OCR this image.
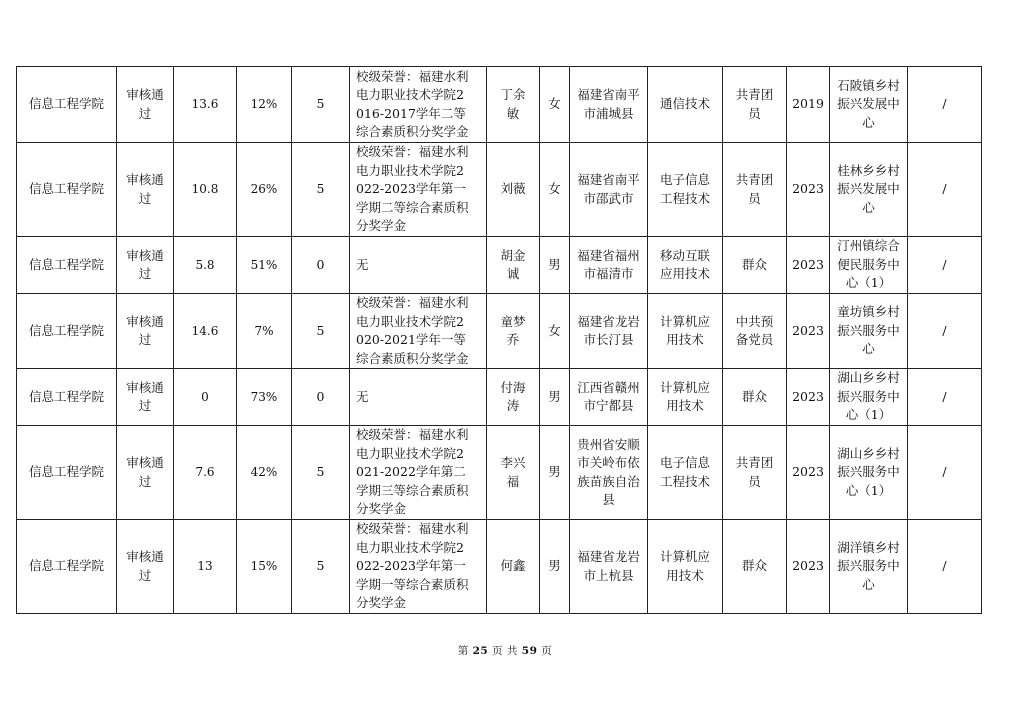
信息工程学院	审核通过	13.6	12%	5	校级荣誉：福建水利电力职业技术学院2016-2017学年二等综合素质积分奖学金	丁余敏	女	福建省南平市浦城县	通信技术	共青团员	2019	石陂镇乡村振兴发展中心	/
信息工程学院	审核通过	10.8	26%	5	校级荣誉：福建水利电力职业技术学院2022-2023学年第一学期二等综合素质积分奖学金	刘薇	女	福建省南平市邵武市	电子信息工程技术	共青团员	2023	桂林乡乡村振兴发展中心	/
信息工程学院	审核通过	5.8	51%	0	无	胡金诚	男	福建省福州市福清市	移动互联应用技术	群众	2023	汀州镇综合便民服务中心（1）	/
信息工程学院	审核通过	14.6	7%	5	校级荣誉：福建水利电力职业技术学院2020-2021学年一等综合素质积分奖学金	童梦乔	女	福建省龙岩市长汀县	计算机应用技术	中共预备党员	2023	童坊镇乡村振兴服务中心	/
信息工程学院	审核通过	0	73%	0	无	付海涛	男	江西省赣州市宁都县	计算机应用技术	群众	2023	湖山乡乡村振兴服务中心（1）	/
信息工程学院	审核通过	7.6	42%	5	校级荣誉：福建水利电力职业技术学院2021-2022学年第二学期三等综合素质积分奖学金	李兴福	男	贵州省安顺市关岭布依族苗族自治县	电子信息工程技术	共青团员	2023	湖山乡乡村振兴服务中心（1）	/
信息工程学院	审核通过	13	15%	5	校级荣誉：福建水利电力职业技术学院2022-2023学年第一学期一等综合素质积分奖学金	何鑫	男	福建省龙岩市上杭县	计算机应用技术	群众	2023	湖洋镇乡村振兴服务中心	/
第 25 页 共 59 页
